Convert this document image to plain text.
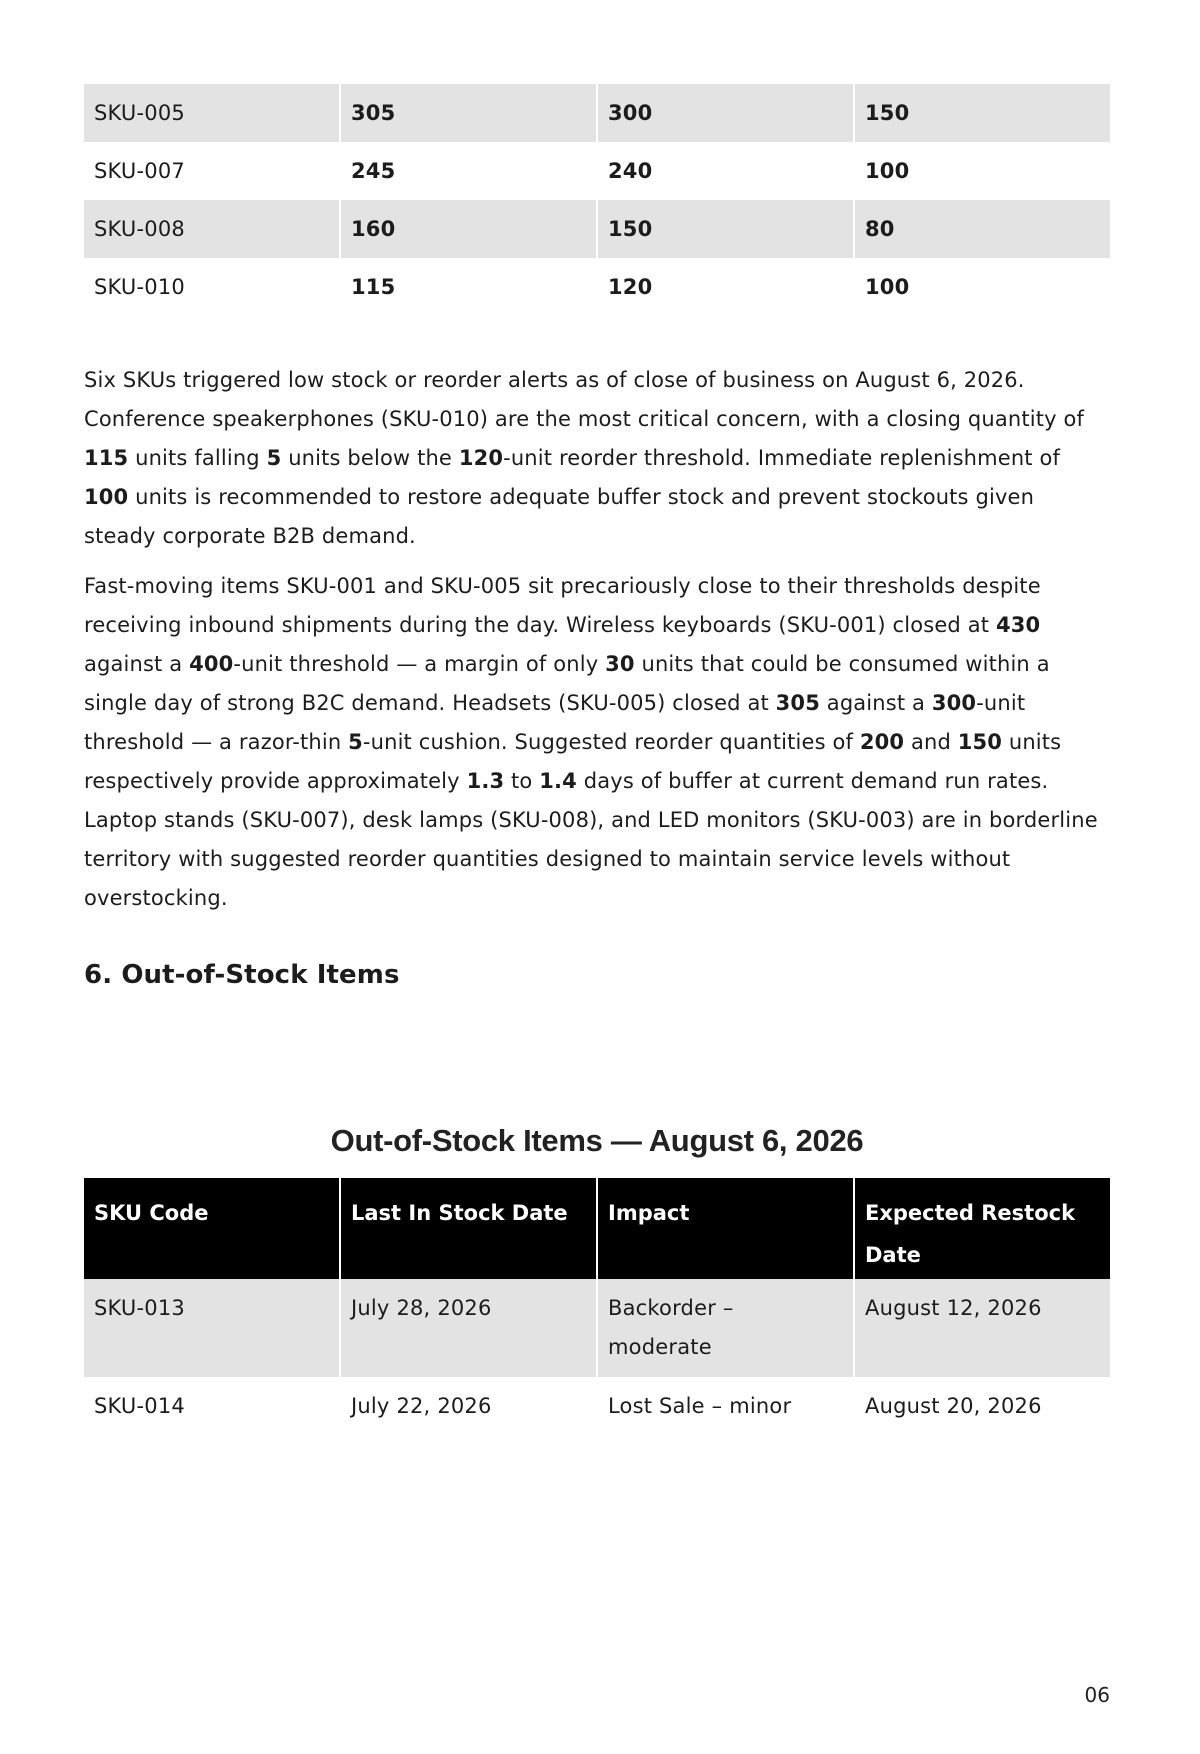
SKU-005	305	300	150
SKU-007	245	240	100
SKU-008	160	150	80
SKU-010	115	120	100

Six SKUs triggered low stock or reorder alerts as of close of business on August 6, 2026. Conference speakerphones (SKU-010) are the most critical concern, with a closing quantity of 115 units falling 5 units below the 120-unit reorder threshold. Immediate replenishment of 100 units is recommended to restore adequate buffer stock and prevent stockouts given steady corporate B2B demand.

Fast-moving items SKU-001 and SKU-005 sit precariously close to their thresholds despite receiving inbound shipments during the day. Wireless keyboards (SKU-001) closed at 430 against a 400-unit threshold — a margin of only 30 units that could be consumed within a single day of strong B2C demand. Headsets (SKU-005) closed at 305 against a 300-unit threshold — a razor-thin 5-unit cushion. Suggested reorder quantities of 200 and 150 units respectively provide approximately 1.3 to 1.4 days of buffer at current demand run rates. Laptop stands (SKU-007), desk lamps (SKU-008), and LED monitors (SKU-003) are in borderline territory with suggested reorder quantities designed to maintain service levels without overstocking.

6. Out-of-Stock Items
Out-of-Stock Items — August 6, 2026
SKU Code	Last In Stock Date	Impact	Expected Restock Date
SKU-013	July 28, 2026	Backorder – moderate	August 12, 2026
SKU-014	July 22, 2026	Lost Sale – minor	August 20, 2026
06
